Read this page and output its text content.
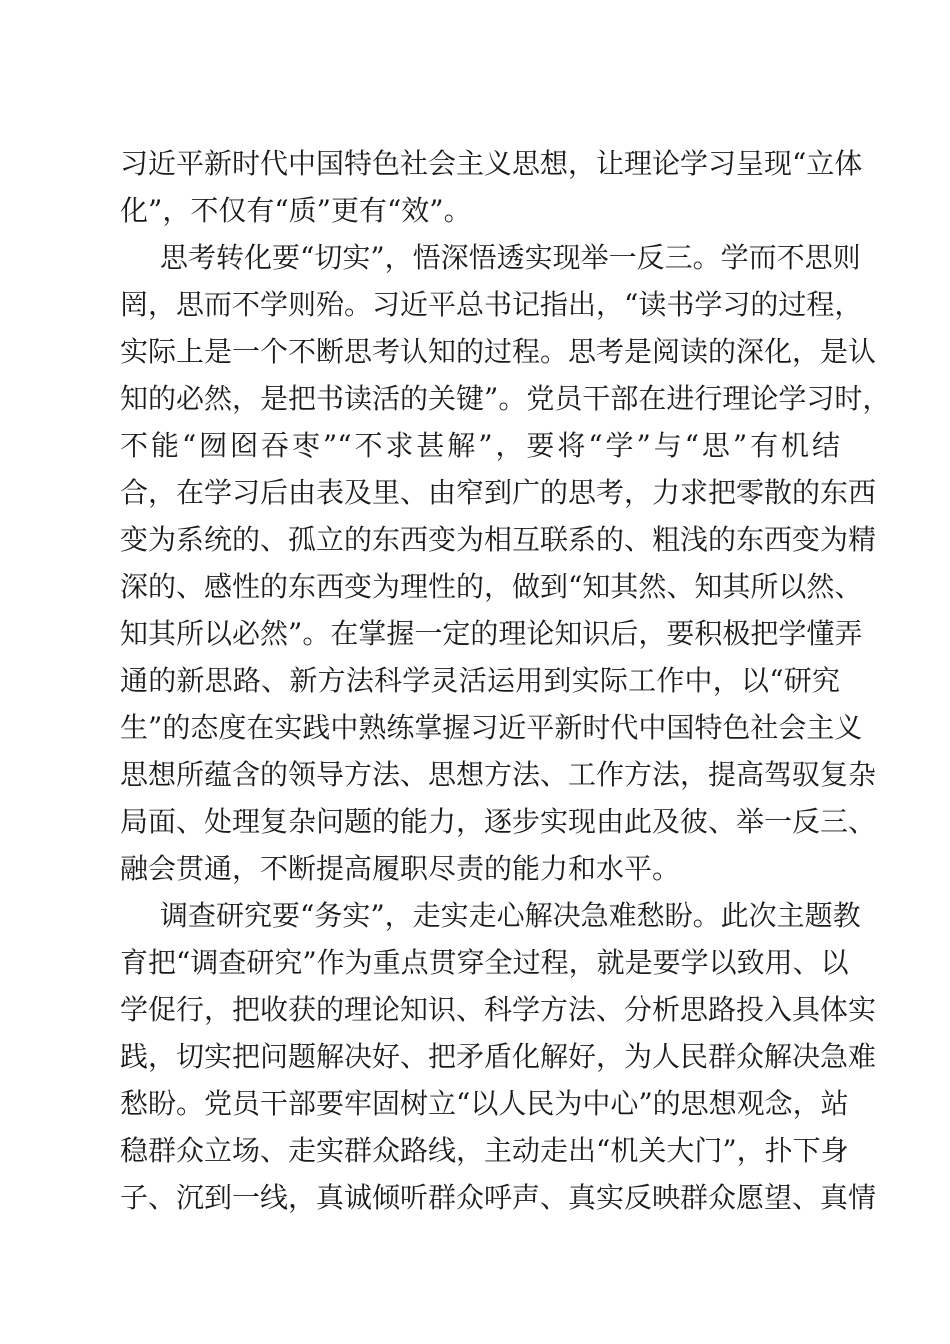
习近平新时代中国特色社会主义思想，让理论学习呈现“立体
化”，不仅有“质”更有“效”。
思考转化要“切实”，悟深悟透实现举一反三。学而不思则
罔，思而不学则殆。习近平总书记指出，“读书学习的过程，
实际上是一个不断思考认知的过程。思考是阅读的深化，是认
知的必然，是把书读活的关键”。党员干部在进行理论学习时，
不能“囫囵吞枣”“不求甚解”，要将“学”与“思”有机结
合，在学习后由表及里、由窄到广的思考，力求把零散的东西
变为系统的、孤立的东西变为相互联系的、粗浅的东西变为精
深的、感性的东西变为理性的，做到“知其然、知其所以然、
知其所以必然”。在掌握一定的理论知识后，要积极把学懂弄
通的新思路、新方法科学灵活运用到实际工作中，以“研究
生”的态度在实践中熟练掌握习近平新时代中国特色社会主义
思想所蕴含的领导方法、思想方法、工作方法，提高驾驭复杂
局面、处理复杂问题的能力，逐步实现由此及彼、举一反三、
融会贯通，不断提高履职尽责的能力和水平。
调查研究要“务实”，走实走心解决急难愁盼。此次主题教
育把“调查研究”作为重点贯穿全过程，就是要学以致用、以
学促行，把收获的理论知识、科学方法、分析思路投入具体实
践，切实把问题解决好、把矛盾化解好，为人民群众解决急难
愁盼。党员干部要牢固树立“以人民为中心”的思想观念，站
稳群众立场、走实群众路线，主动走出“机关大门”，扑下身
子、沉到一线，真诚倾听群众呼声、真实反映群众愿望、真情
